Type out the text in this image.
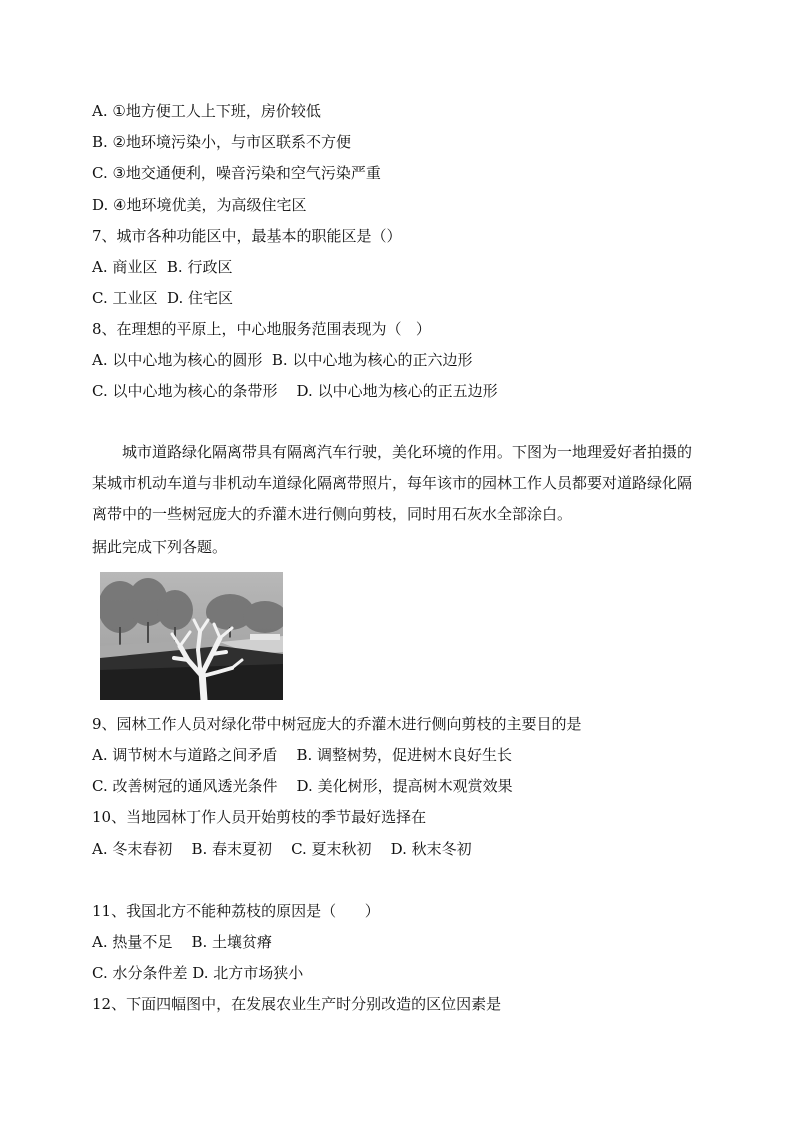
A. ①地方便工人上下班，房价较低
B. ②地环境污染小，与市区联系不方便
C. ③地交通便利，噪音污染和空气污染严重
D. ④地环境优美，为高级住宅区
7、城市各种功能区中，最基本的职能区是（）
A. 商业区  B. 行政区
C. 工业区  D. 住宅区
8、在理想的平原上，中心地服务范围表现为（   ）
A. 以中心地为核心的圆形  B. 以中心地为核心的正六边形
C. 以中心地为核心的条带形    D. 以中心地为核心的正五边形
城市道路绿化隔离带具有隔离汽车行驶，美化环境的作用。下图为一地理爱好者拍摄的某城市机动车道与非机动车道绿化隔离带照片，每年该市的园林工作人员都要对道路绿化隔离带中的一些树冠庞大的乔灌木进行侧向剪枝，同时用石灰水全部涂白。
据此完成下列各题。
9、园林工作人员对绿化带中树冠庞大的乔灌木进行侧向剪枝的主要目的是
A. 调节树木与道路之间矛盾    B. 调整树势，促进树木良好生长
C. 改善树冠的通风透光条件    D. 美化树形，提高树木观赏效果
10、当地园林丁作人员开始剪枝的季节最好选择在
A. 冬末春初    B. 春末夏初    C. 夏末秋初    D. 秋末冬初
11、我国北方不能种荔枝的原因是（      ）
A. 热量不足    B. 土壤贫瘠
C. 水分条件差 D. 北方市场狭小
12、下面四幅图中，在发展农业生产时分别改造的区位因素是
